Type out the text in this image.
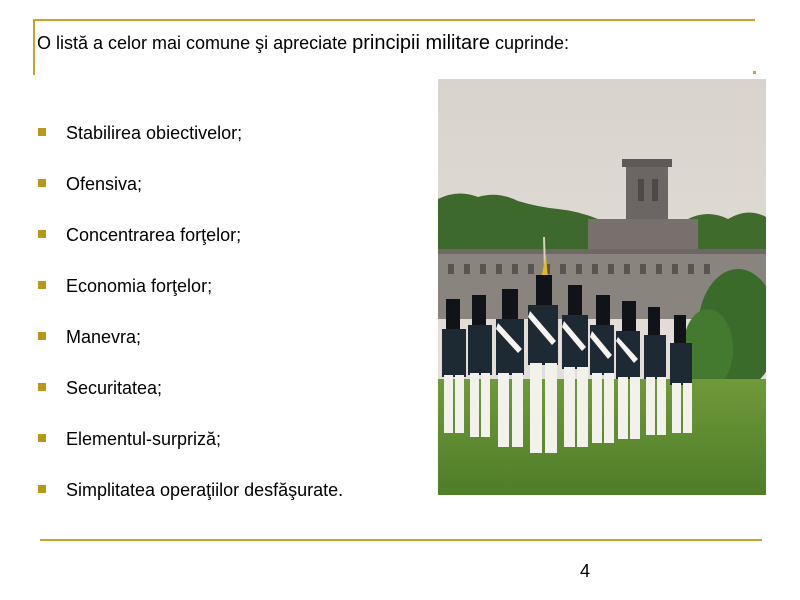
O listă a celor mai comune şi apreciate principii militare cuprinde:
Stabilirea obiectivelor;
Ofensiva;
Concentrarea forţelor;
Economia forţelor;
Manevra;
Securitatea;
Elementul-surpriză;
Simplitatea operaţiilor desfăşurate.
4
